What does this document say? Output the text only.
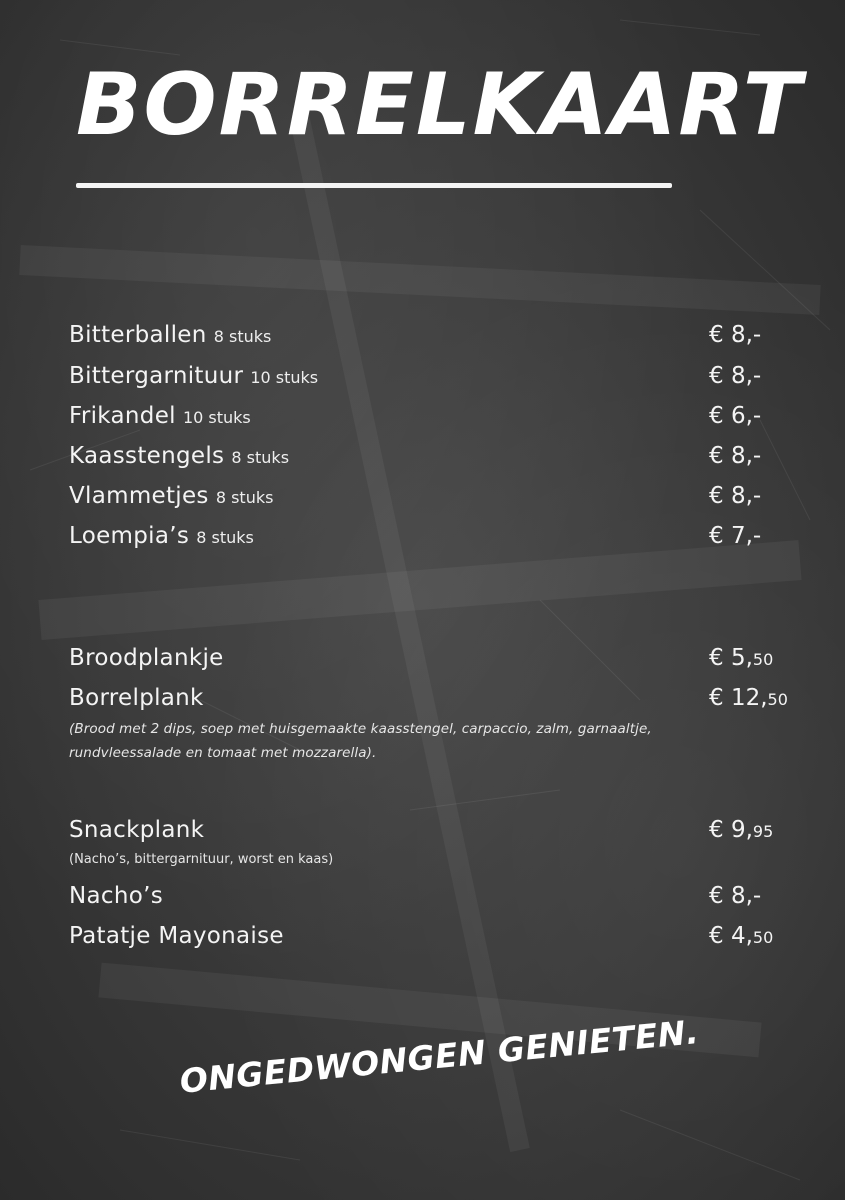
BORRELKAART
Bitterballen 8 stuks	€ 8,-
Bittergarnituur 10 stuks	€ 8,-
Frikandel 10 stuks	€ 6,-
Kaasstengels 8 stuks	€ 8,-
Vlammetjes 8 stuks	€ 8,-
Loempia’s 8 stuks	€ 7,-
Broodplankje	€ 5,50
Borrelplank	€ 12,50
(Brood met 2 dips, soep met huisgemaakte kaasstengel, carpaccio, zalm, garnaaltje,
rundvleessalade en tomaat met mozzarella).
Snackplank	€ 9,95
(Nacho’s, bittergarnituur, worst en kaas)
Nacho’s	€ 8,-
Patatje Mayonaise	€ 4,50
ONGEDWONGEN GENIETEN.
